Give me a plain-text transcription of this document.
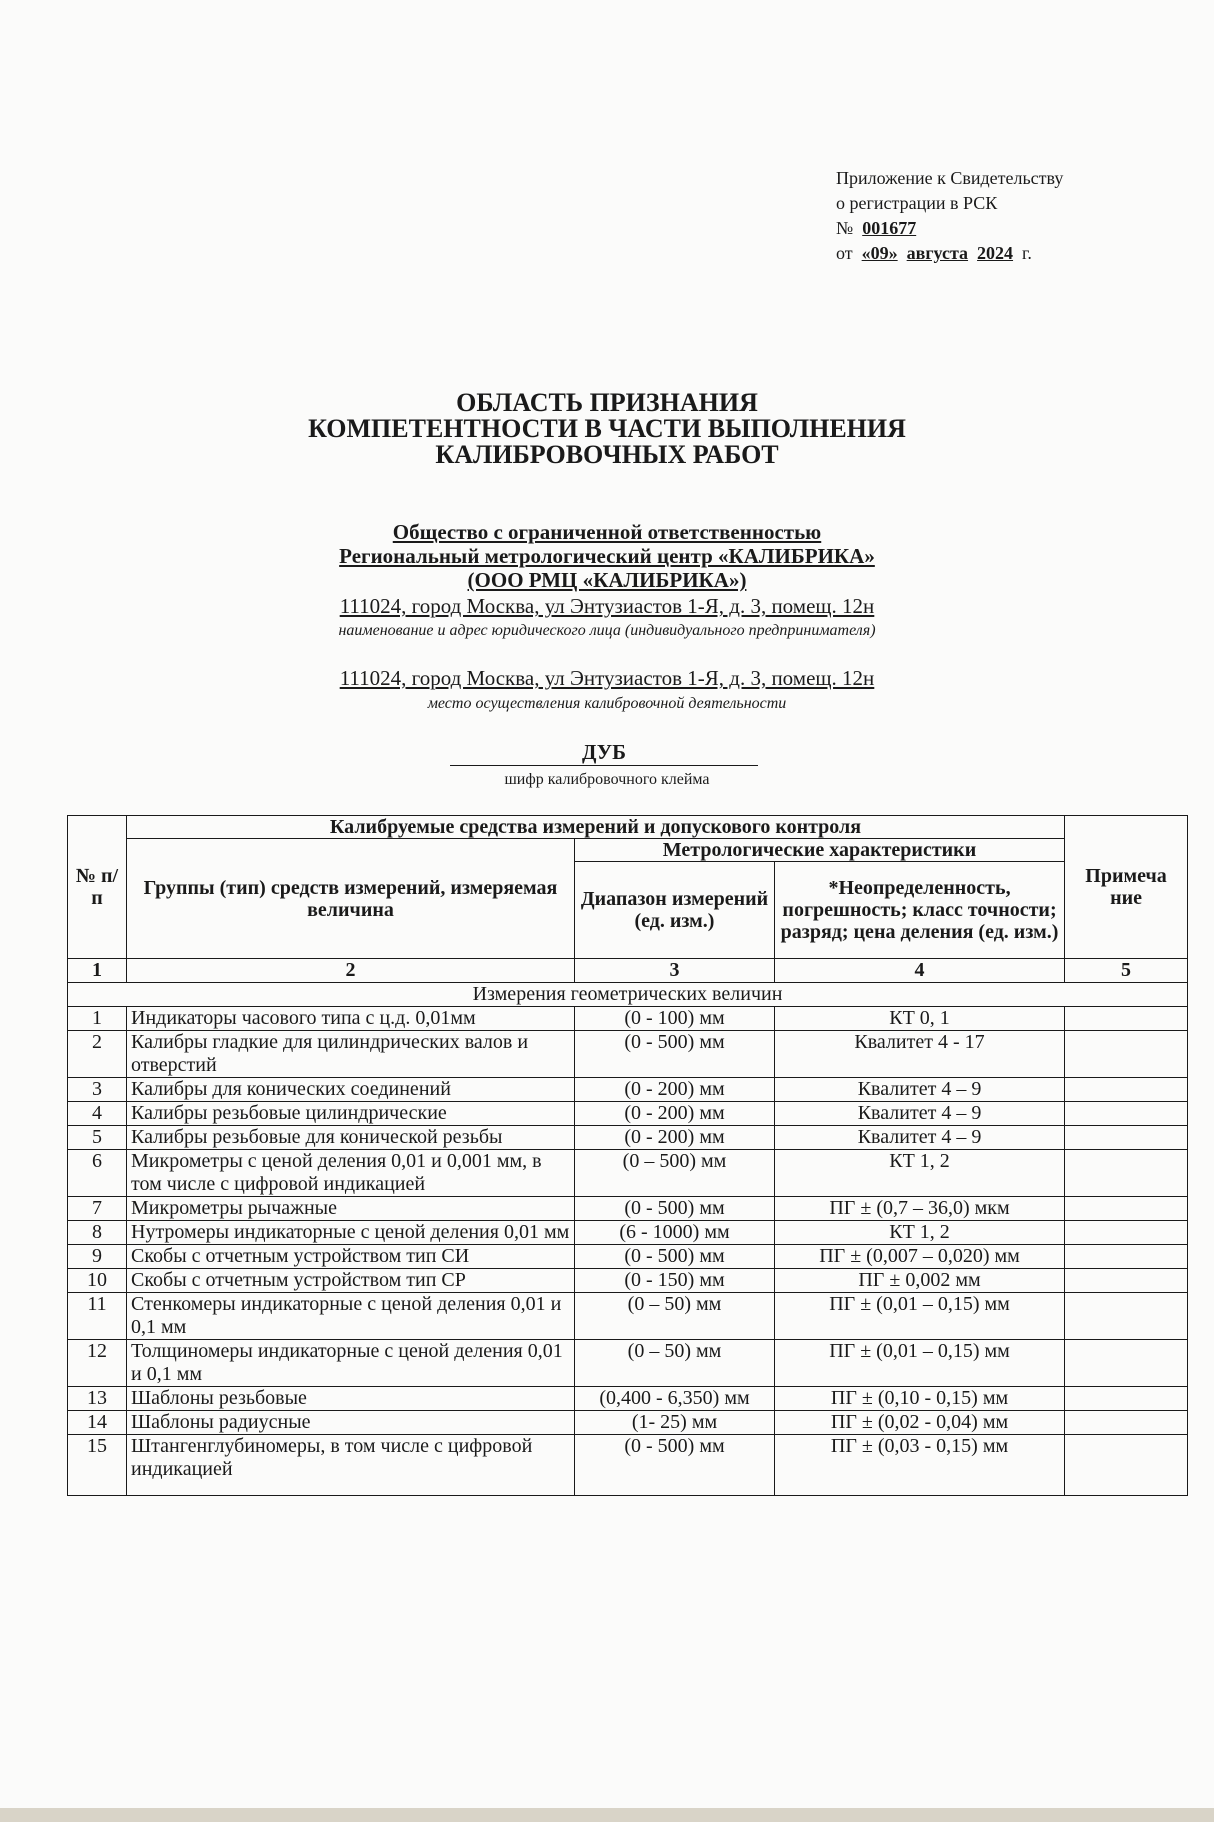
Приложение к Свидетельству
о регистрации в РСК
№ 001677
от «09» августа 2024 г.
ОБЛАСТЬ ПРИЗНАНИЯ
КОМПЕТЕНТНОСТИ В ЧАСТИ ВЫПОЛНЕНИЯ
КАЛИБРОВОЧНЫХ РАБОТ
Общество с ограниченной ответственностью
Региональный метрологический центр «КАЛИБРИКА»
(ООО РМЦ «КАЛИБРИКА»)
111024, город Москва, ул Энтузиастов 1-Я, д. 3, помещ. 12н
наименование и адрес юридического лица (индивидуального предпринимателя)
111024, город Москва, ул Энтузиастов 1-Я, д. 3, помещ. 12н
место осуществления калибровочной деятельности
ДУБ
шифр калибровочного клейма
№ п/п	Калибруемые средства измерений и допускового контроля			Примеча ние
	Группы (тип) средств измерений, измеряемая величина	Метрологические характеристики		
		Диапазон измерений (ед. изм.)	*Неопределенность, погрешность; класс точности; разряд; цена деления (ед. изм.)	
1	2	3	4	5
Измерения геометрических величин				
1	Индикаторы часового типа с ц.д. 0,01мм	(0 - 100) мм	КТ 0, 1	
2	Калибры гладкие для цилиндрических валов и отверстий	(0 - 500) мм	Квалитет 4 - 17	
3	Калибры для конических соединений	(0 - 200) мм	Квалитет 4 – 9	
4	Калибры резьбовые цилиндрические	(0 - 200) мм	Квалитет 4 – 9	
5	Калибры резьбовые для конической резьбы	(0 - 200) мм	Квалитет 4 – 9	
6	Микрометры с ценой деления 0,01 и 0,001 мм, в том числе с цифровой индикацией	(0 – 500) мм	КТ 1, 2	
7	Микрометры рычажные	(0 - 500) мм	ПГ ± (0,7 – 36,0) мкм	
8	Нутромеры индикаторные с ценой деления 0,01 мм	(6 - 1000) мм	КТ 1, 2	
9	Скобы с отчетным устройством тип СИ	(0 - 500) мм	ПГ ± (0,007 – 0,020) мм	
10	Скобы с отчетным устройством тип СР	(0 - 150) мм	ПГ ± 0,002 мм	
11	Стенкомеры индикаторные с ценой деления 0,01 и 0,1 мм	(0 – 50) мм	ПГ ± (0,01 – 0,15) мм	
12	Толщиномеры индикаторные с ценой деления 0,01 и 0,1 мм	(0 – 50) мм	ПГ ± (0,01 – 0,15) мм	
13	Шаблоны резьбовые	(0,400 - 6,350) мм	ПГ ± (0,10 - 0,15) мм	
14	Шаблоны радиусные	(1- 25) мм	ПГ ± (0,02 - 0,04) мм	
15	Штангенглубиномеры, в том числе с цифровой индикацией	(0 - 500) мм	ПГ ± (0,03 - 0,15) мм	
